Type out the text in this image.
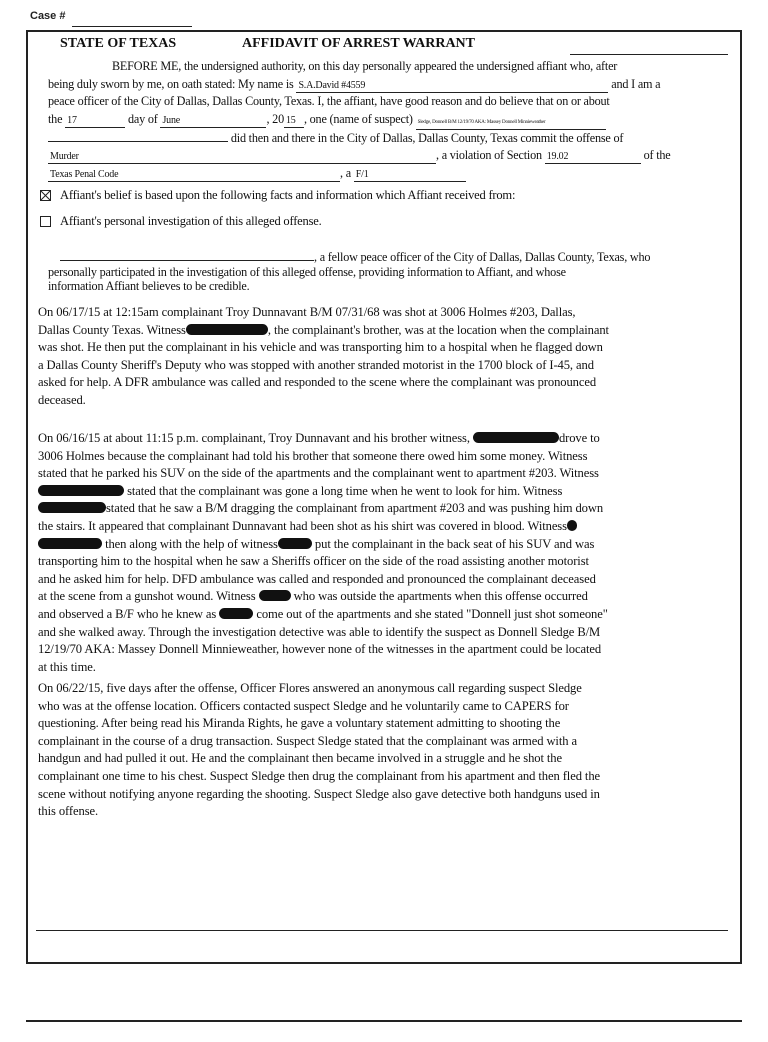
Case #
STATE OF TEXAS	AFFIDAVIT OF ARREST WARRANT

BEFORE ME, the undersigned authority, on this day personally appeared the undersigned affiant who, after

being duly sworn by me, on oath stated: My name is S.A.David #4559	and I am a

peace officer of the City of Dallas, Dallas County, Texas. I, the affiant, have good reason and do believe that on or about

the 17	day of June	, 20 15 , one (name of suspect) Sledge, Donnell B/M 12/19/70 AKA: Massey Donnell Minnieweather

did then and there in the City of Dallas, Dallas County, Texas commit the offense of

Murder	, a violation of Section 19.02	of the

Texas Penal Code	, a F/1

Affiant's belief is based upon the following facts and information which Affiant received from:
Affiant's personal investigation of this alleged offense.

, a fellow peace officer of the City of Dallas, Dallas County, Texas, who

personally participated in the investigation of this alleged offense, providing information to Affiant, and whose

information Affiant believes to be credible.

On 06/17/15 at 12:15am complainant Troy Dunnavant B/M 07/31/68 was shot at 3006 Holmes #203, Dallas,

Dallas County Texas. Witness	, the complainant's brother, was at the location when the complainant

was shot. He then put the complainant in his vehicle and was transporting him to a hospital when he flagged down

a Dallas County Sheriff's Deputy who was stopped with another stranded motorist in the 1700 block of I-45, and

asked for help. A DFR ambulance was called and responded to the scene where the complainant was pronounced

deceased.

On 06/16/15 at about 11:15 p.m. complainant, Troy Dunnavant and his brother witness,	drove to

3006 Holmes because the complainant had told his brother that someone there owed him some money. Witness

stated that he parked his SUV on the side of the apartments and the complainant went to apartment #203. Witness

stated that the complainant was gone a long time when he went to look for him. Witness

stated that he saw a B/M dragging the complainant from apartment #203 and was pushing him down

the stairs. It appeared that complainant Dunnavant had been shot as his shirt was covered in blood. Witness

then along with the help of witness	put the complainant in the back seat of his SUV and was

transporting him to the hospital when he saw a Sheriffs officer on the side of the road assisting another motorist

and he asked him for help. DFD ambulance was called and responded and pronounced the complainant deceased

at the scene from a gunshot wound. Witness	who was outside the apartments when this offense occurred

and observed a B/F who he knew as	come out of the apartments and she stated "Donnell just shot someone"

and she walked away. Through the investigation detective was able to identify the suspect as Donnell Sledge B/M

12/19/70 AKA: Massey Donnell Minnieweather, however none of the witnesses in the apartment could be located

at this time.

On 06/22/15, five days after the offense, Officer Flores answered an anonymous call regarding suspect Sledge

who was at the offense location. Officers contacted suspect Sledge and he voluntarily came to CAPERS for

questioning. After being read his Miranda Rights, he gave a voluntary statement admitting to shooting the

complainant in the course of a drug transaction. Suspect Sledge stated that the complainant was armed with a

handgun and had pulled it out. He and the complainant then became involved in a struggle and he shot the

complainant one time to his chest. Suspect Sledge then drug the complainant from his apartment and then fled the

scene without notifying anyone regarding the shooting. Suspect Sledge also gave detective both handguns used in

this offense.
